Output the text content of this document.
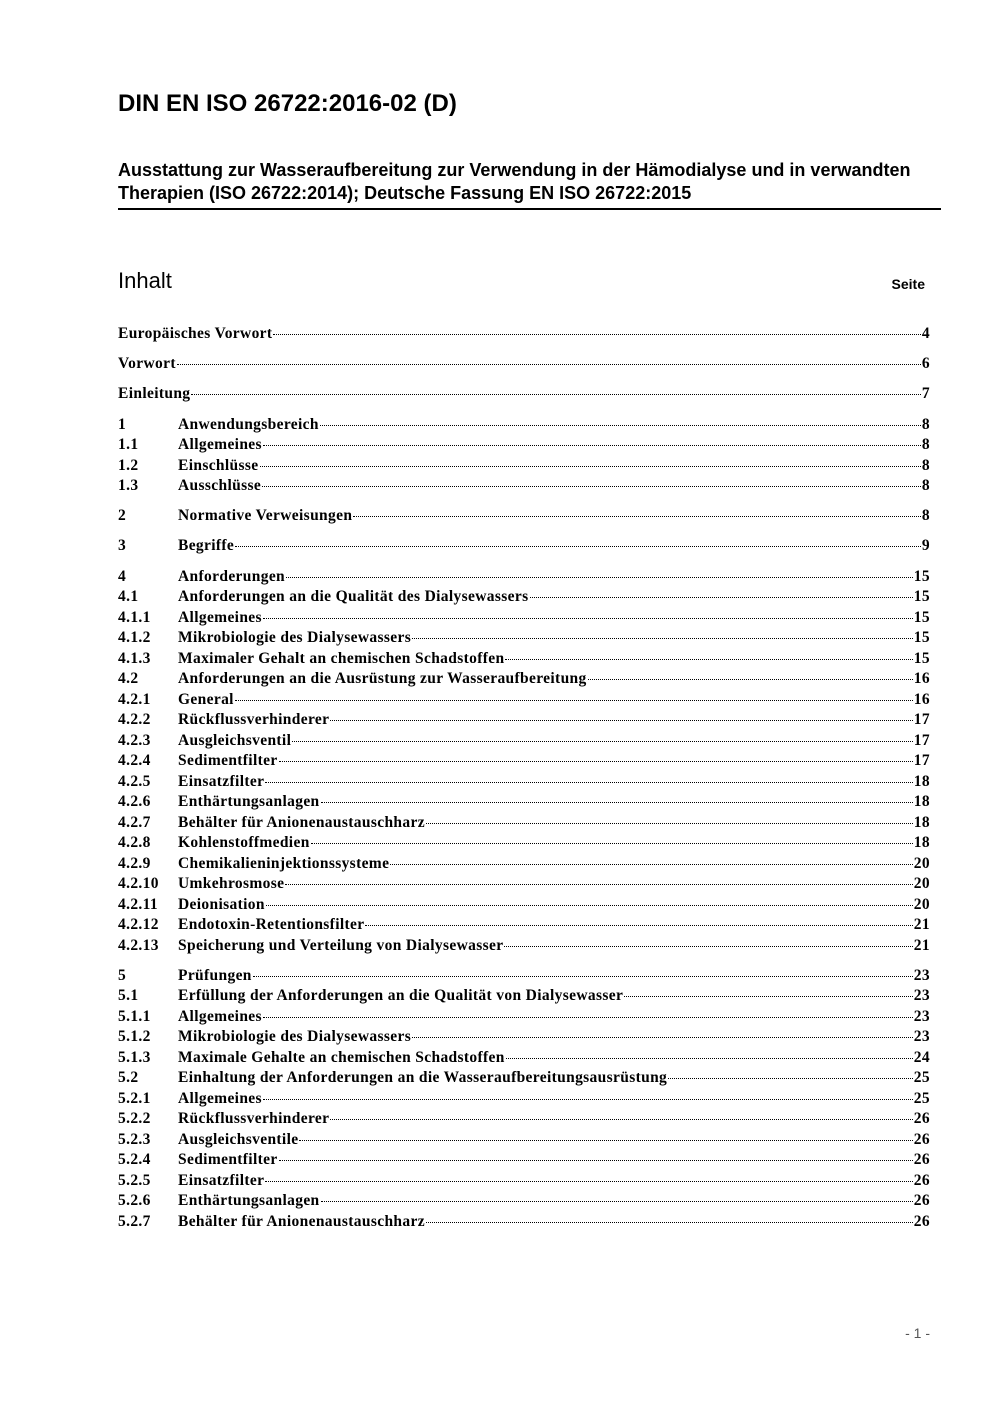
DIN EN ISO 26722:2016-02 (D)
Ausstattung zur Wasseraufbereitung zur Verwendung in der Hämodialyse und in verwandten Therapien (ISO 26722:2014); Deutsche Fassung EN ISO 26722:2015
Inhalt	Seite
Europäisches Vorwort	4
Vorwort	6
Einleitung	7
1	Anwendungsbereich	8
1.1	Allgemeines	8
1.2	Einschlüsse	8
1.3	Ausschlüsse	8
2	Normative Verweisungen	8
3	Begriffe	9
4	Anforderungen	15
4.1	Anforderungen an die Qualität des Dialysewassers	15
4.1.1	Allgemeines	15
4.1.2	Mikrobiologie des Dialysewassers	15
4.1.3	Maximaler Gehalt an chemischen Schadstoffen	15
4.2	Anforderungen an die Ausrüstung zur Wasseraufbereitung	16
4.2.1	General	16
4.2.2	Rückflussverhinderer	17
4.2.3	Ausgleichsventil	17
4.2.4	Sedimentfilter	17
4.2.5	Einsatzfilter	18
4.2.6	Enthärtungsanlagen	18
4.2.7	Behälter für Anionenaustauschharz	18
4.2.8	Kohlenstoffmedien	18
4.2.9	Chemikalieninjektionssysteme	20
4.2.10	Umkehrosmose	20
4.2.11	Deionisation	20
4.2.12	Endotoxin-Retentionsfilter	21
4.2.13	Speicherung und Verteilung von Dialysewasser	21
5	Prüfungen	23
5.1	Erfüllung der Anforderungen an die Qualität von Dialysewasser	23
5.1.1	Allgemeines	23
5.1.2	Mikrobiologie des Dialysewassers	23
5.1.3	Maximale Gehalte an chemischen Schadstoffen	24
5.2	Einhaltung der Anforderungen an die Wasseraufbereitungsausrüstung	25
5.2.1	Allgemeines	25
5.2.2	Rückflussverhinderer	26
5.2.3	Ausgleichsventile	26
5.2.4	Sedimentfilter	26
5.2.5	Einsatzfilter	26
5.2.6	Enthärtungsanlagen	26
5.2.7	Behälter für Anionenaustauschharz	26
- 1 -
